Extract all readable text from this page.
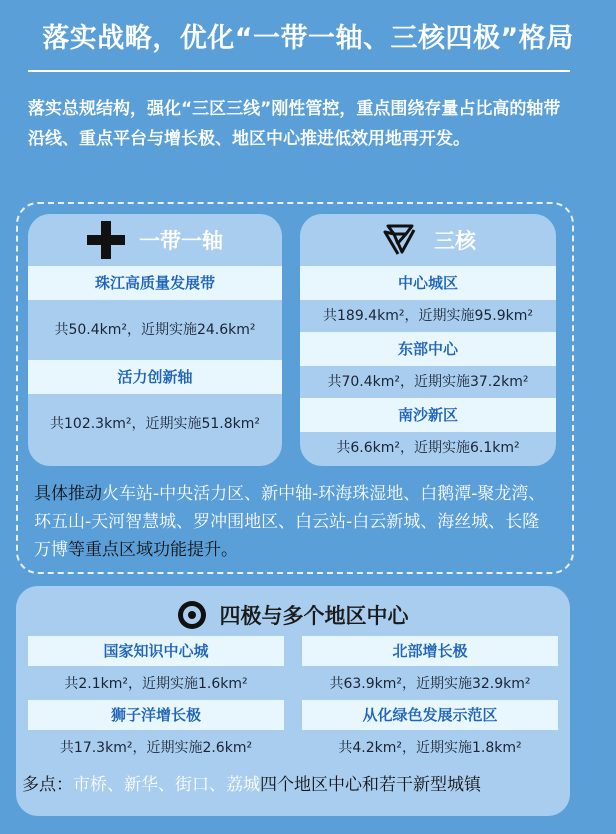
落实战略，优化“一带一轴、三核四极”格局
落实总规结构，强化“三区三线”刚性管控，重点围绕存量占比高的轴带沿线、重点平台与增长极、地区中心推进低效用地再开发。
一带一轴
珠江高质量发展带
共50.4km²，近期实施24.6km²
活力创新轴
共102.3km²，近期实施51.8km²
三核
中心城区
共189.4km²，近期实施95.9km²
东部中心
共70.4km²，近期实施37.2km²
南沙新区
共6.6km²，近期实施6.1km²
具体推动火车站-中央活力区、新中轴-环海珠湿地、白鹅潭-聚龙湾、环五山-天河智慧城、罗冲围地区、白云站-白云新城、海丝城、长隆万博等重点区域功能提升。
四极与多个地区中心
国家知识中心城
共2.1km²，近期实施1.6km²
北部增长极
共63.9km²，近期实施32.9km²
狮子洋增长极
共17.3km²，近期实施2.6km²
从化绿色发展示范区
共4.2km²，近期实施1.8km²
多点：市桥、新华、街口、荔城四个地区中心和若干新型城镇
